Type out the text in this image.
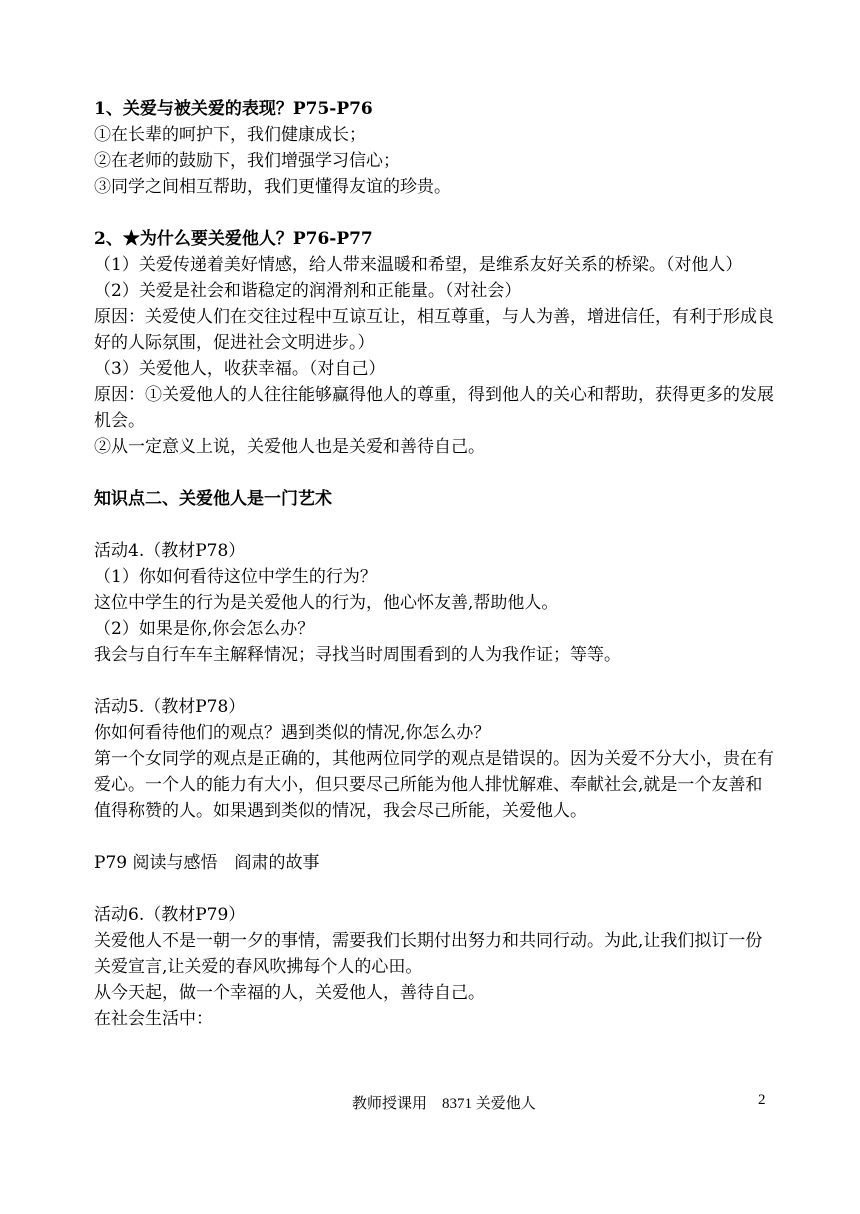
1、关爱与被关爱的表现？P75-P76
①在长辈的呵护下，我们健康成长；
②在老师的鼓励下，我们增强学习信心；
③同学之间相互帮助，我们更懂得友谊的珍贵。
2、★为什么要关爱他人？P76-P77
（1）关爱传递着美好情感，给人带来温暖和希望，是维系友好关系的桥梁。（对他人）
（2）关爱是社会和谐稳定的润滑剂和正能量。（对社会）
原因：关爱使人们在交往过程中互谅互让，相互尊重，与人为善，增进信任，有利于形成良好的人际氛围，促进社会文明进步。）
（3）关爱他人，收获幸福。（对自己）
原因：①关爱他人的人往往能够赢得他人的尊重，得到他人的关心和帮助，获得更多的发展机会。
②从一定意义上说，关爱他人也是关爱和善待自己。
知识点二、关爱他人是一门艺术
活动4.（教材P78）
（1）你如何看待这位中学生的行为？
这位中学生的行为是关爱他人的行为，他心怀友善,帮助他人。
（2）如果是你,你会怎么办？
我会与自行车车主解释情况；寻找当时周围看到的人为我作证；等等。
活动5.（教材P78）
你如何看待他们的观点？遇到类似的情况,你怎么办？
第一个女同学的观点是正确的，其他两位同学的观点是错误的。因为关爱不分大小，贵在有爱心。一个人的能力有大小，但只要尽己所能为他人排忧解难、奉献社会,就是一个友善和值得称赞的人。如果遇到类似的情况，我会尽己所能，关爱他人。
P79 阅读与感悟　阎肃的故事
活动6.（教材P79）
关爱他人不是一朝一夕的事情，需要我们长期付出努力和共同行动。为此,让我们拟订一份关爱宣言,让关爱的春风吹拂每个人的心田。
从今天起，做一个幸福的人，关爱他人，善待自己。
在社会生活中：
教师授课用　8371 关爱他人	2
